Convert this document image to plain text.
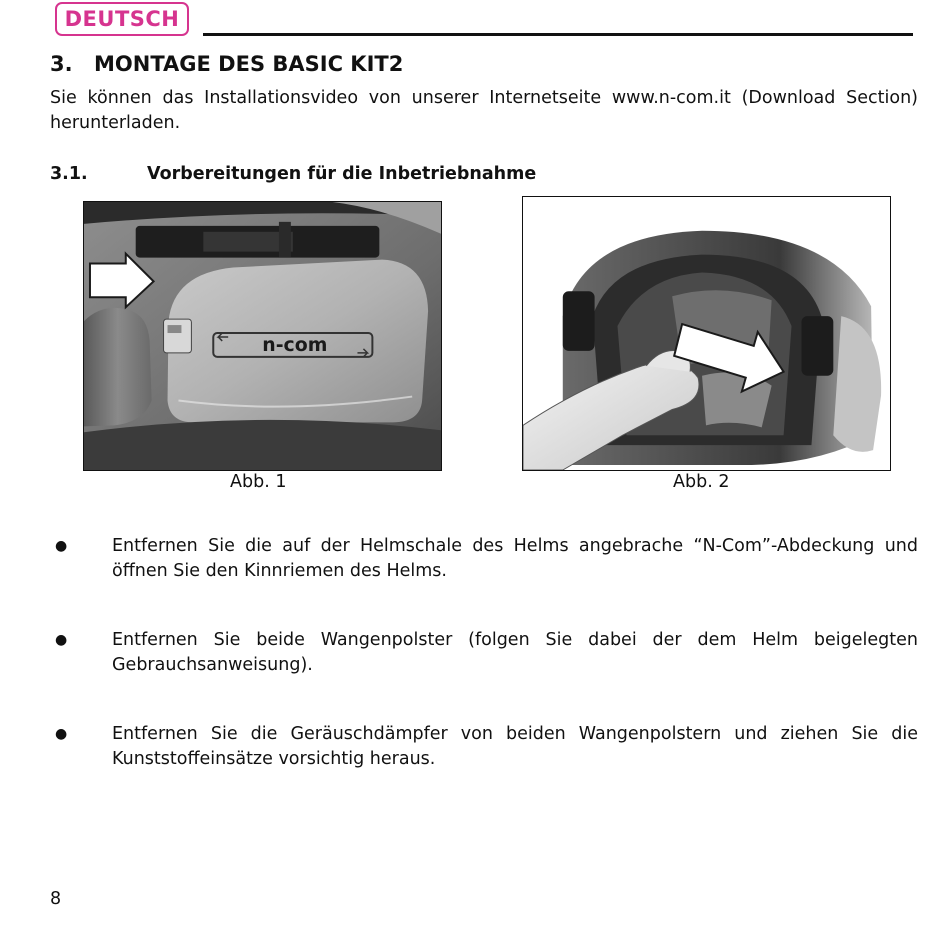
DEUTSCH
3. MONTAGE DES BASIC KIT2

Sie können das Installationsvideo von unserer Internetseite www.n-com.it (Download Section) herunterladen.

3.1.	Vorbereitungen für die Inbetriebnahme
n-com

Abb. 1	Abb. 2

●	Entfernen Sie die auf der Helmschale des Helms angebrache “N-Com”-Abdeckung und öffnen Sie den Kinnriemen des Helms.
●	Entfernen Sie beide Wangenpolster (folgen Sie dabei der dem Helm beigelegten Gebrauchsanweisung).
●	Entfernen Sie die Geräuschdämpfer von beiden Wangenpolstern und ziehen Sie die Kunststoffeinsätze vorsichtig heraus.

8
